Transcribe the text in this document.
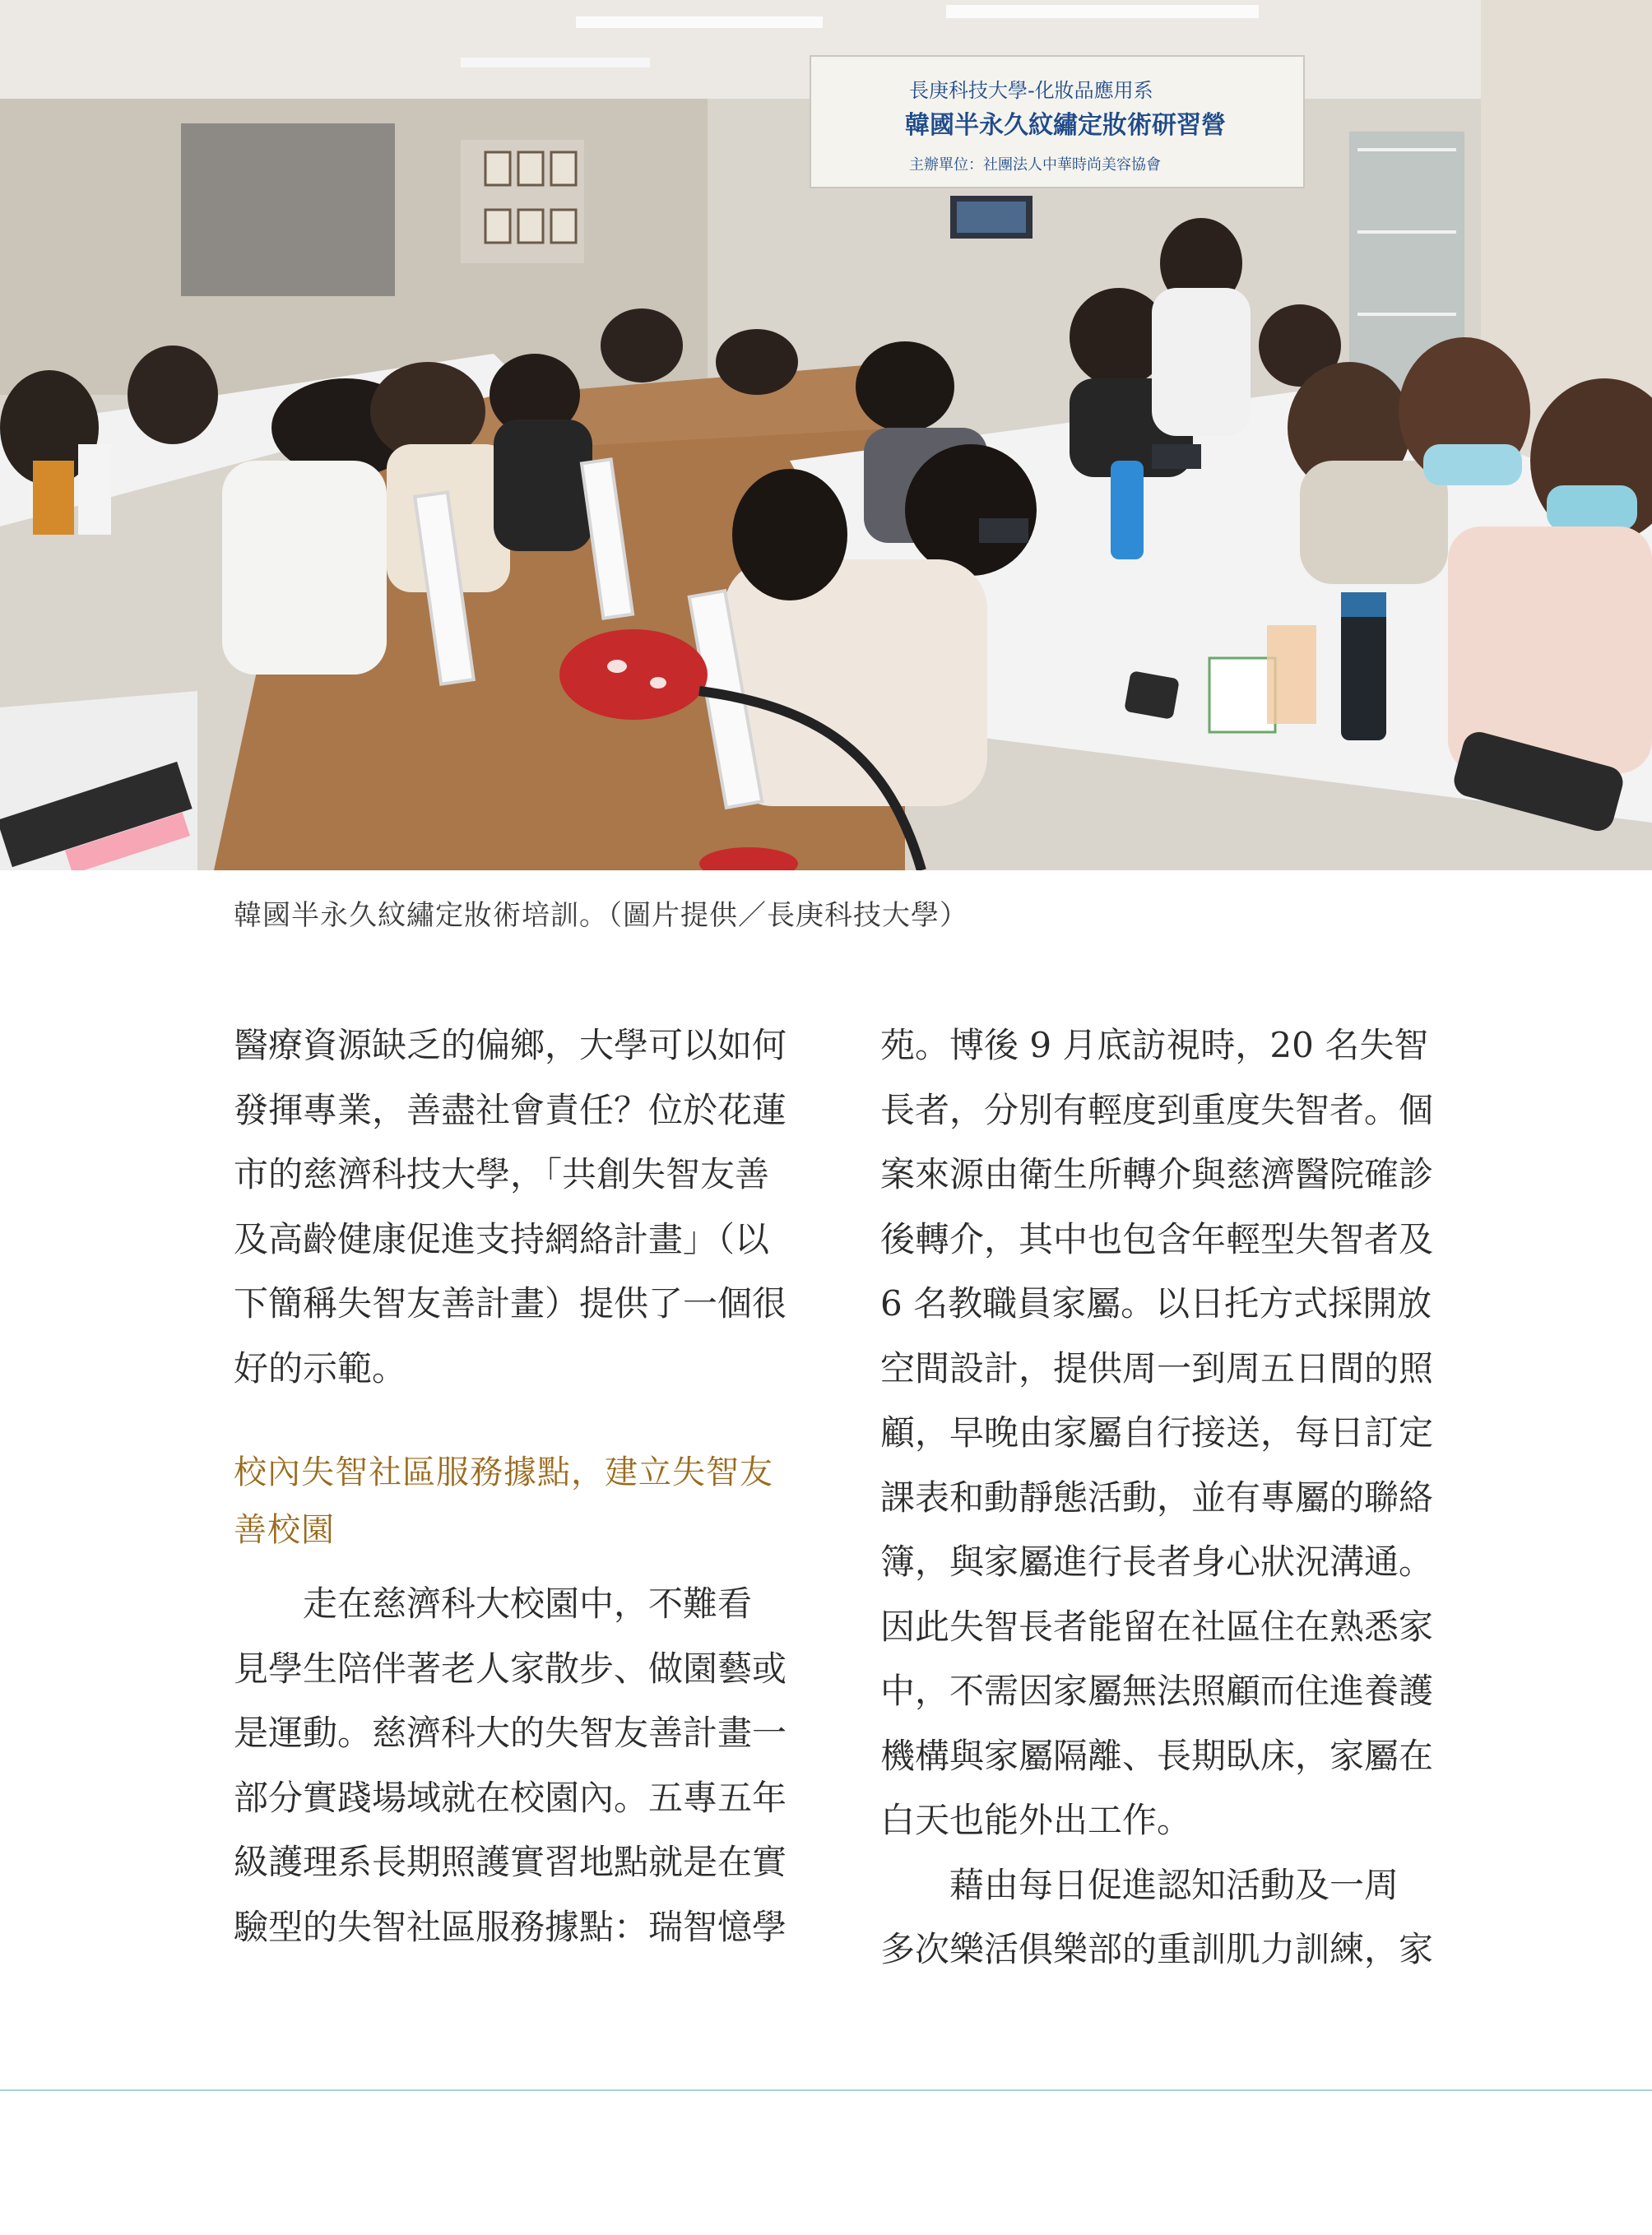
長庚科技大學-化妝品應用系
韓國半永久紋繡定妝術研習營
主辦單位：社團法人中華時尚美容協會
韓國半永久紋繡定妝術培訓。（圖片提供／長庚科技大學）
醫療資源缺乏的偏鄉，大學可以如何
發揮專業，善盡社會責任？位於花蓮
市的慈濟科技大學，「共創失智友善
及高齡健康促進支持網絡計畫」（以
下簡稱失智友善計畫）提供了一個很
好的示範。
校內失智社區服務據點，建立失智友
善校園
走在慈濟科大校園中，不難看
見學生陪伴著老人家散步、做園藝或
是運動。慈濟科大的失智友善計畫一
部分實踐場域就在校園內。五專五年
級護理系長期照護實習地點就是在實
驗型的失智社區服務據點：瑞智憶學
苑。博後 9 月底訪視時，20 名失智
長者，分別有輕度到重度失智者。個
案來源由衛生所轉介與慈濟醫院確診
後轉介，其中也包含年輕型失智者及
6 名教職員家屬。以日托方式採開放
空間設計，提供周一到周五日間的照
顧，早晚由家屬自行接送，每日訂定
課表和動靜態活動，並有專屬的聯絡
簿，與家屬進行長者身心狀況溝通。
因此失智長者能留在社區住在熟悉家
中，不需因家屬無法照顧而住進養護
機構與家屬隔離、長期臥床，家屬在
白天也能外出工作。
藉由每日促進認知活動及一周
多次樂活俱樂部的重訓肌力訓練，家
